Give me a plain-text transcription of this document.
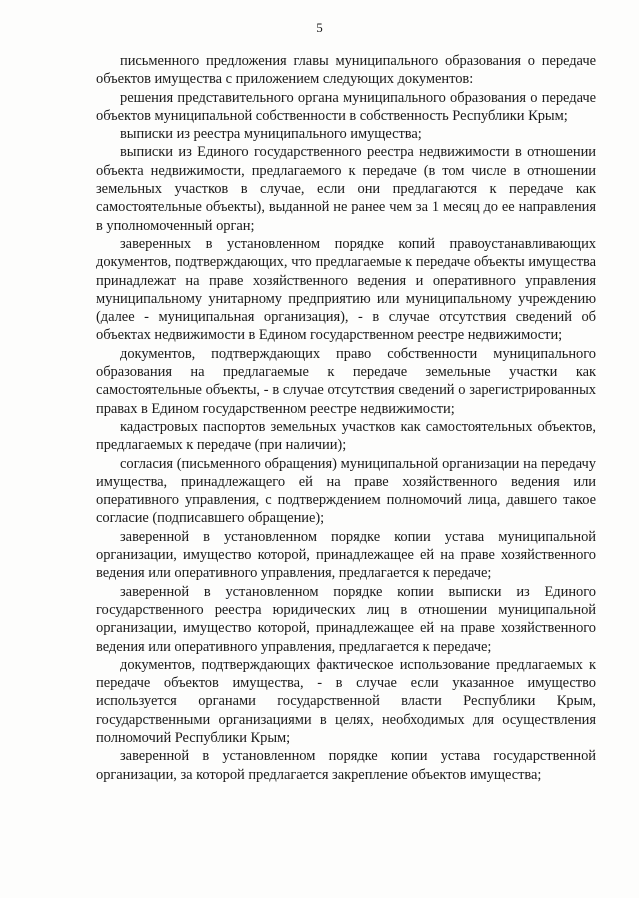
5

письменного предложения главы муниципального образования о передаче объектов имущества с приложением следующих документов:

решения представительного органа муниципального образования о передаче объектов муниципальной собственности в собственность Республики Крым;

выписки из реестра муниципального имущества;

выписки из Единого государственного реестра недвижимости в отношении объекта недвижимости, предлагаемого к передаче (в том числе в отношении земельных участков в случае, если они предлагаются к передаче как самостоятельные объекты), выданной не ранее чем за 1 месяц до ее направления в уполномоченный орган;

заверенных в установленном порядке копий правоустанавливающих документов, подтверждающих, что предлагаемые к передаче объекты имущества принадлежат на праве хозяйственного ведения и оперативного управления муниципальному унитарному предприятию или муниципальному учреждению (далее - муниципальная организация), - в случае отсутствия сведений об объектах недвижимости в Едином государственном реестре недвижимости;

документов, подтверждающих право собственности муниципального образования на предлагаемые к передаче земельные участки как самостоятельные объекты, - в случае отсутствия сведений о зарегистрированных правах в Едином государственном реестре недвижимости;

кадастровых паспортов земельных участков как самостоятельных объектов, предлагаемых к передаче (при наличии);

согласия (письменного обращения) муниципальной организации на передачу имущества, принадлежащего ей на праве хозяйственного ведения или оперативного управления, с подтверждением полномочий лица, давшего такое согласие (подписавшего обращение);

заверенной в установленном порядке копии устава муниципальной организации, имущество которой, принадлежащее ей на праве хозяйственного ведения или оперативного управления, предлагается к передаче;

заверенной в установленном порядке копии выписки из Единого государственного реестра юридических лиц в отношении муниципальной организации, имущество которой, принадлежащее ей на праве хозяйственного ведения или оперативного управления, предлагается к передаче;

документов, подтверждающих фактическое использование предлагаемых к передаче объектов имущества, - в случае если указанное имущество используется органами государственной власти Республики Крым, государственными организациями в целях, необходимых для осуществления полномочий Республики Крым;

заверенной в установленном порядке копии устава государственной организации, за которой предлагается закрепление объектов имущества;
